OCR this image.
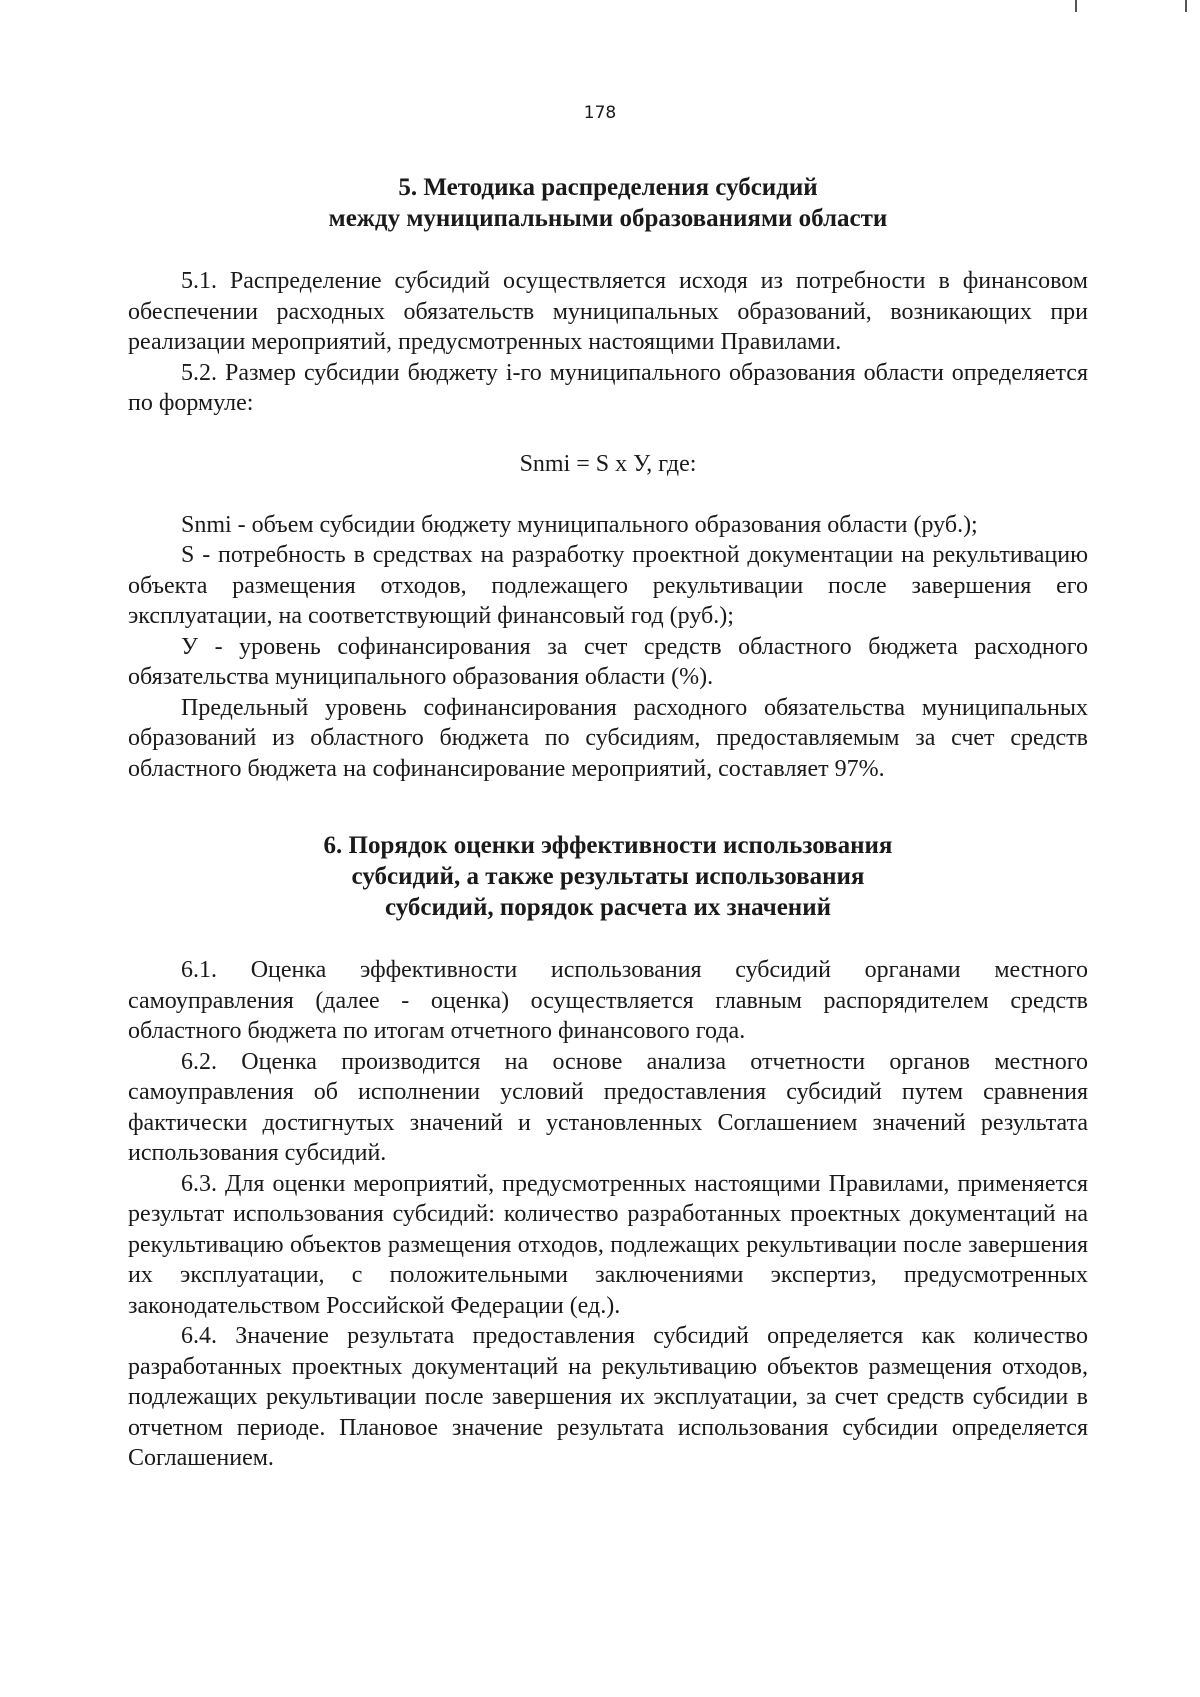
178
5. Методика распределения субсидий
между муниципальными образованиями области

5.1. Распределение субсидий осуществляется исходя из потребности в финансовом обеспечении расходных обязательств муниципальных образований, возникающих при реализации мероприятий, предусмотренных настоящими Правилами.

5.2. Размер субсидии бюджету i-го муниципального образования области определяется по формуле:

Snmi = S x У, где:

Snmi - объем субсидии бюджету муниципального образования области (руб.);

S - потребность в средствах на разработку проектной документации на рекультивацию объекта размещения отходов, подлежащего рекультивации после завершения его эксплуатации, на соответствующий финансовый год (руб.);

У - уровень софинансирования за счет средств областного бюджета расходного обязательства муниципального образования области (%).

Предельный уровень софинансирования расходного обязательства муниципальных образований из областного бюджета по субсидиям, предоставляемым за счет средств областного бюджета на софинансирование мероприятий, составляет 97%.

6. Порядок оценки эффективности использования
субсидий, а также результаты использования
субсидий, порядок расчета их значений

6.1. Оценка эффективности использования субсидий органами местного самоуправления (далее - оценка) осуществляется главным распорядителем средств областного бюджета по итогам отчетного финансового года.

6.2. Оценка производится на основе анализа отчетности органов местного самоуправления об исполнении условий предоставления субсидий путем сравнения фактически достигнутых значений и установленных Соглашением значений результата использования субсидий.

6.3. Для оценки мероприятий, предусмотренных настоящими Правилами, применяется результат использования субсидий: количество разработанных проектных документаций на рекультивацию объектов размещения отходов, подлежащих рекультивации после завершения их эксплуатации, с положительными заключениями экспертиз, предусмотренных законодательством Российской Федерации (ед.).

6.4. Значение результата предоставления субсидий определяется как количество разработанных проектных документаций на рекультивацию объектов размещения отходов, подлежащих рекультивации после завершения их эксплуатации, за счет средств субсидии в отчетном периоде. Плановое значение результата использования субсидии определяется Соглашением.
